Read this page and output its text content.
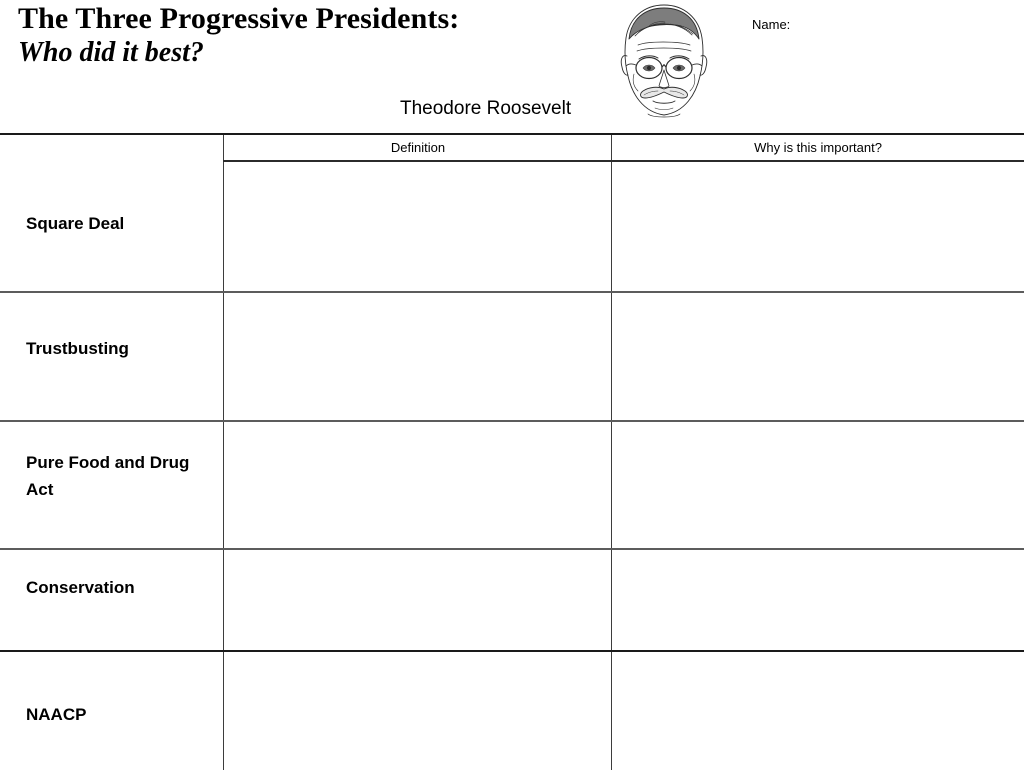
The Three Progressive Presidents:
Who did it best?
Theodore Roosevelt
Name:
Definition	Why is this important?
Square Deal
Trustbusting
Pure Food and Drug Act
Conservation
NAACP
